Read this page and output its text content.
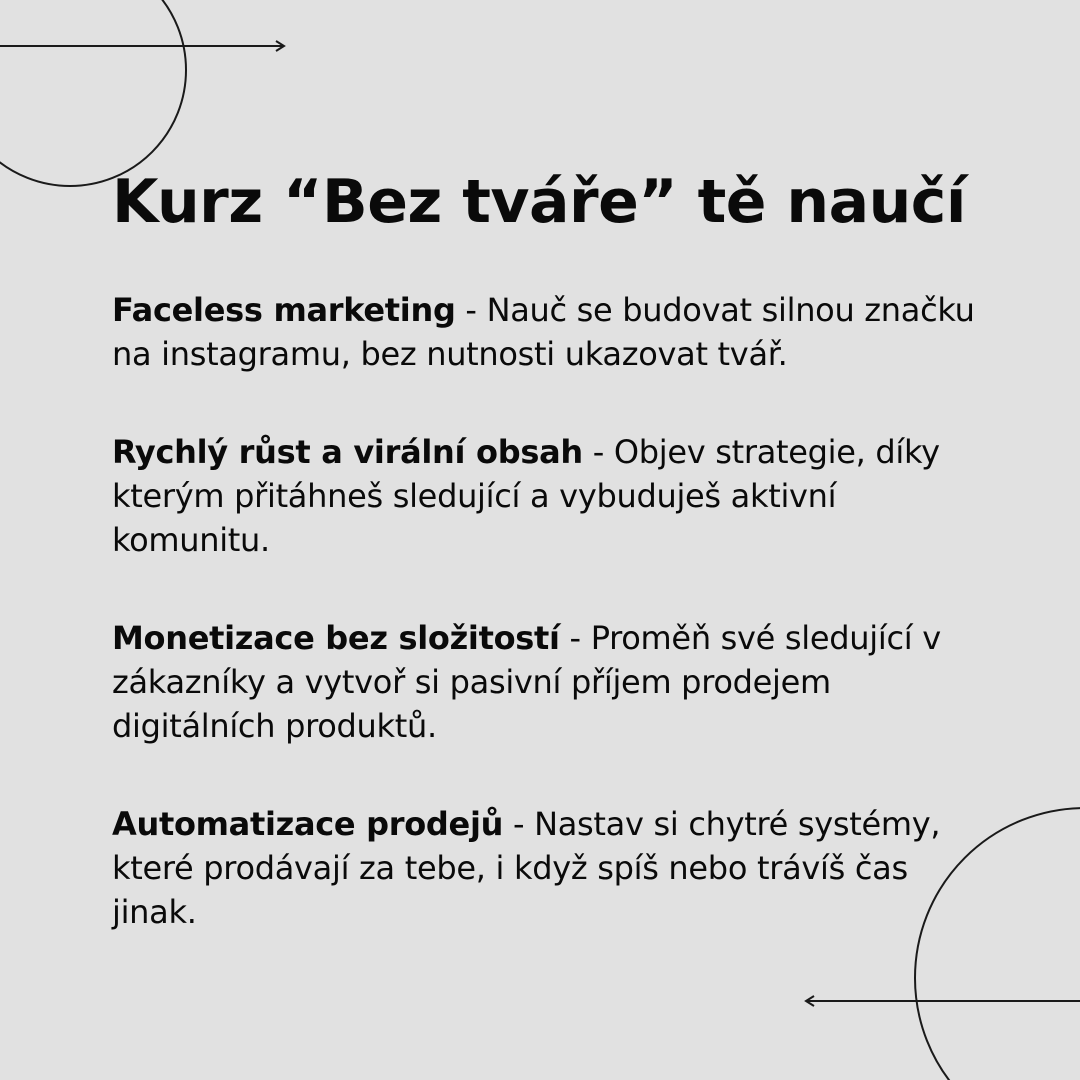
Kurz “Bez tváře” tě naučí

Faceless marketing - Nauč se budovat silnou značku na instagramu, bez nutnosti ukazovat tvář.

Rychlý růst a virální obsah - Objev strategie, díky kterým přitáhneš sledující a vybuduješ aktivní komunitu.

Monetizace bez složitostí - Proměň své sledující v zákazníky a vytvoř si pasivní příjem prodejem digitálních produktů.

Automatizace prodejů - Nastav si chytré systémy, které prodávají za tebe, i když spíš nebo trávíš čas jinak.
